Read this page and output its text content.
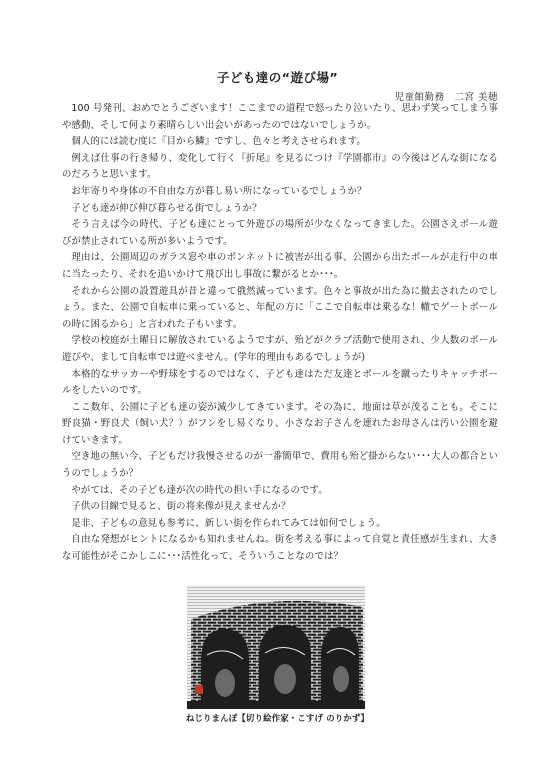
子ども達の“遊び場”
児童館勤務　二宮 美穂

100 号発刊、おめでとうございます！ここまでの道程で怒ったり泣いたり、思わず笑ってしまう事や感動、そして何より素晴らしい出会いがあったのではないでしょうか。

個人的には読む度に『目から鱗』ですし、色々と考えさせられます。

例えば仕事の行き帰り、変化して行く『折尾』を見るにつけ『学園都市』の今後はどんな街になるのだろうと思います。

お年寄りや身体の不自由な方が暮し易い所になっているでしょうか？

子ども達が伸び伸び暮らせる街でしょうか？

そう言えば今の時代、子ども達にとって外遊びの場所が少なくなってきました。公園さえボール遊びが禁止されている所が多いようです。

理由は、公園周辺のガラス窓や車のボンネットに被害が出る事、公園から出たボールが走行中の車に当たったり、それを追いかけて飛び出し事故に繋がるとか･･･。

それから公園の設置遊具が昔と違って俄然減っています。色々と事故が出た為に撤去されたのでしょう。また、公園で自転車に乗っていると、年配の方に「ここで自転車は乗るな！轍でゲートボールの時に困るから」と言われた子もいます。

学校の校庭が土曜日に解放されているようですが、殆どがクラブ活動で使用され、少人数のボール遊びや、まして自転車では遊べません。(学年的理由もあるでしょうが)

本格的なサッカーや野球をするのではなく、子ども達はただ友達とボールを蹴ったりキャッチボールをしたいのです。

ここ数年、公園に子ども達の姿が減少してきています。その為に、地面は草が茂ることも。そこに野良猫・野良犬（飼い犬？）がフンをし易くなり、小さなお子さんを連れたお母さんは汚い公園を避けていきます。

空き地の無い今、子どもだけ我慢させるのが一番簡単で、費用も殆ど掛からない･･･大人の都合というのでしょうか？

やがては、その子ども達が次の時代の担い手になるのです。

子供の目線で見ると、街の将来像が見えませんか？

是非、子どもの意見も参考に、新しい街を作られてみては如何でしょう。

自由な発想がヒントになるかも知れませんね。街を考える事によって自覚と責任感が生まれ、大きな可能性がそこかしこに･･･活性化って、そういうことなのでは？

ねじりまんぽ【切り絵作家・こすげ のりかず】
